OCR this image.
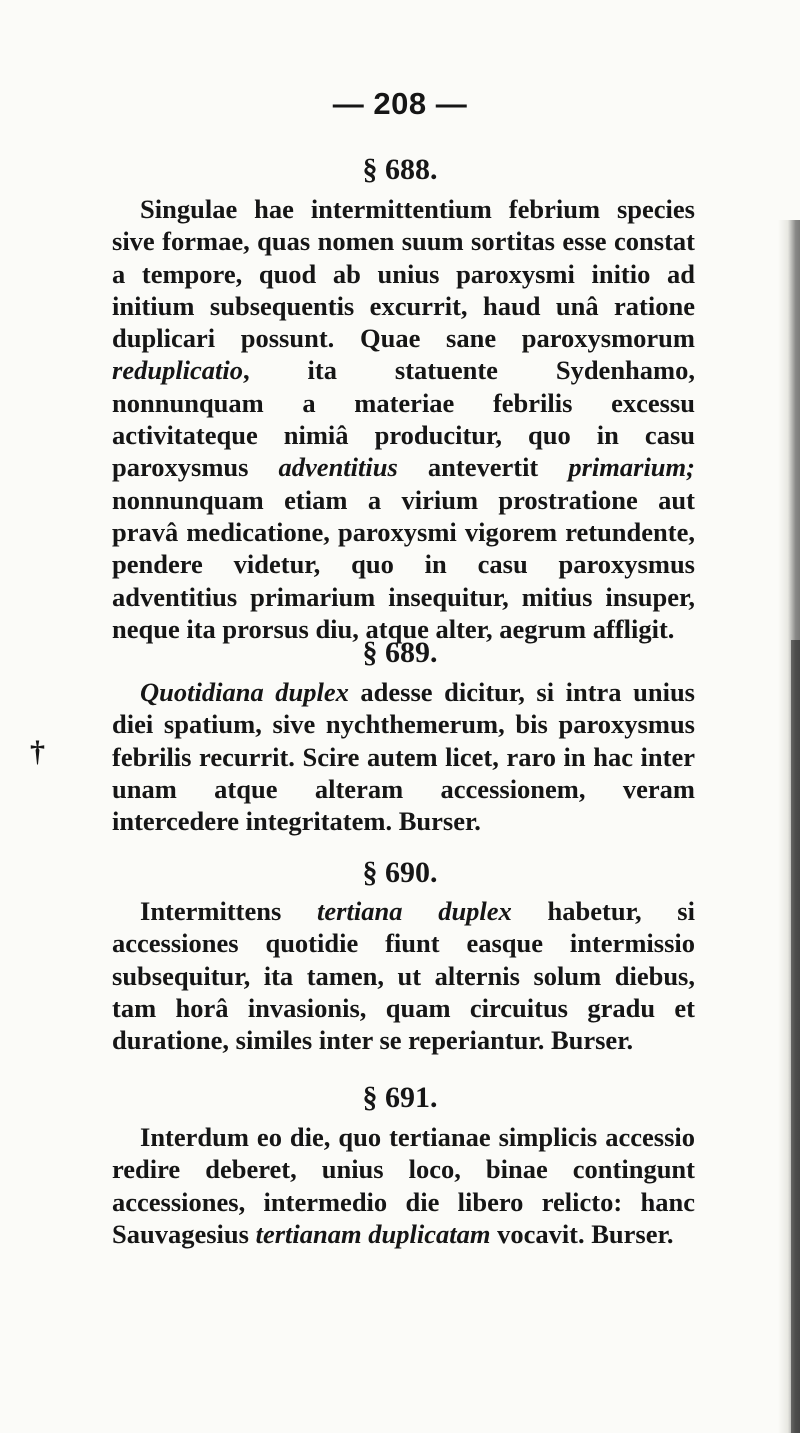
— 208 —
§ 688.

Singulae hae intermittentium febrium species sive formae, quas nomen suum sortitas esse constat a tempore, quod ab unius paroxysmi initio ad initium subsequentis excurrit, haud unâ ratione duplicari possunt. Quae sane paroxysmorum reduplicatio, ita statuente Sydenhamo, nonnunquam a materiae febrilis excessu activitateque nimiâ producitur, quo in casu paroxysmus adventitius antevertit primarium; nonnunquam etiam a virium prostratione aut pravâ medicatione, paroxysmi vigorem retundente, pendere videtur, quo in casu paroxysmus adventitius primarium insequitur, mitius insuper, neque ita prorsus diu, atque alter, aegrum affligit.

§ 689.

Quotidiana duplex adesse dicitur, si intra unius diei spatium, sive nychthemerum, bis paroxysmus febrilis recurrit. Scire autem licet, raro in hac inter unam atque alteram accessionem, veram intercedere integritatem. Burser.

§ 690.

Intermittens tertiana duplex habetur, si accessiones quotidie fiunt easque intermissio subsequitur, ita tamen, ut alternis solum diebus, tam horâ invasionis, quam circuitus gradu et duratione, similes inter se reperiantur. Burser.

§ 691.

Interdum eo die, quo tertianae simplicis accessio redire deberet, unius loco, binae contingunt accessiones, intermedio die libero relicto: hanc Sauvagesius tertianam duplicatam vocavit. Burser.

†
